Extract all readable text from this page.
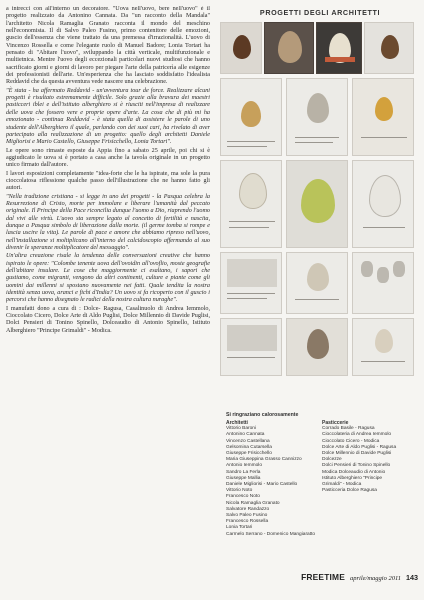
a intrecci con all'interno un decoratore. "Uova nell'uovo, bere nell'uovo" è il progetto realizzato da Antonino Cannata. Da "un racconto della Mandala" l'architetto Nicola Ramaglia Granato racconta il mondo del meschino nell'economista. Il di Salvo Paleo Fusino, primo contenitore delle emozioni, guscio dell'essenza che viene trattato da una premessa d'irrazionalità. L'uovo di Vincenzo Rossella e come l'elegante ruolo di Manuel Badore; Lonia Tortari ha pensato di "Abitare l'uovo", sviluppando la città verticale, multifunzionale e multietnica. Mentre l'uovo degli eccezionali particolari nuovi studiosi che hanno sacrificato giorni e giorni di lavoro per piegare l'arte della patricerìa alle esigenze dei professionisti dell'arte. Un'esperienza che ha lasciato soddisfatto l'idealista Reddavid che da questa avventura vede nascere una celebrazione.

"È stata - ha affermato Reddavid - un'avventura tour de force. Realizzare alcuni progetti è risultato estremamente difficile. Solo grazie alla bravura dei maestri pasticceri iblei e dell'istituto alberghiero si è riusciti nell'impresa di realizzare delle uova che fossero vere e proprie opere d'arte. La cosa che di più mi ha emozionato - continua Reddavid - è stata quella di assistere le parole di uno studente dell'Alberghiero il quale, parlando con dei suoi cari, ha rivelato di aver partecipato alla realizzazione di un progetto: quello degli architetti Daniele Migliorisi e Mario Castello, Giuseppe Frisicchello, Lonia Tortari".

Le opere sono rimaste esposte da Appia fino a sabato 25 aprile, poi chi si è aggiudicato le uova si è portato a casa anche la tavola originale in un progetto unico firmato dall'autore.

I lavori esposizioni completamente "idea-forte che le ha ispirate, ma sole la pura cioccolatosa riflessione qualche passo dell'illustrazione che ne hanno fatto gli autori.

"Nella tradizione cristiana - si legge in uno dei progetti - la Pasqua celebra la Resurrezione di Cristo, morte per immolare e liberare l'umanità dal peccato originale. Il Principe della Pace riconcilia dunque l'uomo a Dio, riaprendo l'uomo dal vivi alle virtù. L'uovo sta sempre legato al concetto di fertilità e nascita, dunque a Pasqua simbolo di liberazione dalla morte. (il germe tomba si rompe e lascia uscire la vita). Le parole di pace e amore che abbiamo ripreso nell'uovo, nell'installazione si moltiplicano all'interno del calcidoscopio affermando al suo divenir le speranze moltiplicatore del messaggio".

Un'altra creazione risale la tendenza delle conversazioni creative che hanno ispirato le opere: "Colombe tenente uova dell'ovoidin all'ovoflio, moste geografie dell'abitare insulare. Le cose che maggiormente ci esaltano, i sapori che gustiamo, come migranti, vengono da altri continenti, culture e piante come gli uomini dai millenni si spostano nuovamente nei fatti. Quale tendita la nostra identità senza uova, aranci e fichi d'India? Un uovo si fa ricoperto con il guscio i percorsi che hanno disegnato le radici della nostra cultura nuraghe".

I manufatti dono a cura di : Dolce- Ragusa, Casalinuolo di Andrea Iemmolo, Cioccolato Cicero, Dolce Arte di Aldo Puglisi, Dolce Millennio di Davide Puglisi, Dolci Pensieri di Tonino Spinello, Dolceaudio di Antonio Spinello, Istituto Alberghiero "Principe Grimaldi" - Modica.

PROGETTI DEGLI ARCHITETTI
Si ringraziano calorosamente
Architetti
Vittorio Baroni
Antonino Cannata
Vincenzo Castellana
Gelsomina Cutarsella
Giuseppe Frisicchello
Maria Giuseppina Grasso Cannizzo
Antonio Iemmolo
Sandro La Ferla
Giuseppe Mallia
Daniele Migliorisi - Mario Castello
Vittorio Noto
Francesco Noto
Nicola Ramaglia Granato
Salvatore Randazzo
Salvo Paleo Fusino
Francesco Rossella
Lonia Tortari
Carmelo Serrano - Domenico Mangiaratto
Pasticcerie
Corrado Basile - Ragusa
Cioccolateria di Andrea Iemmolo
Cioccolato Cicero - Modica
Dolce Arte di Aldo Puglisi - Ragusa
Dolce Millennio di Davide Puglisi
Dolcezze
Dolci Pensieri di Tonino Spinello
Modica Dolceaudio di Antonio
Istituto Alberghiero "Principe
Grimaldi" - Modica
Pasticceria Dolce Ragusa
FREETIME aprile/maggio 2011 143
